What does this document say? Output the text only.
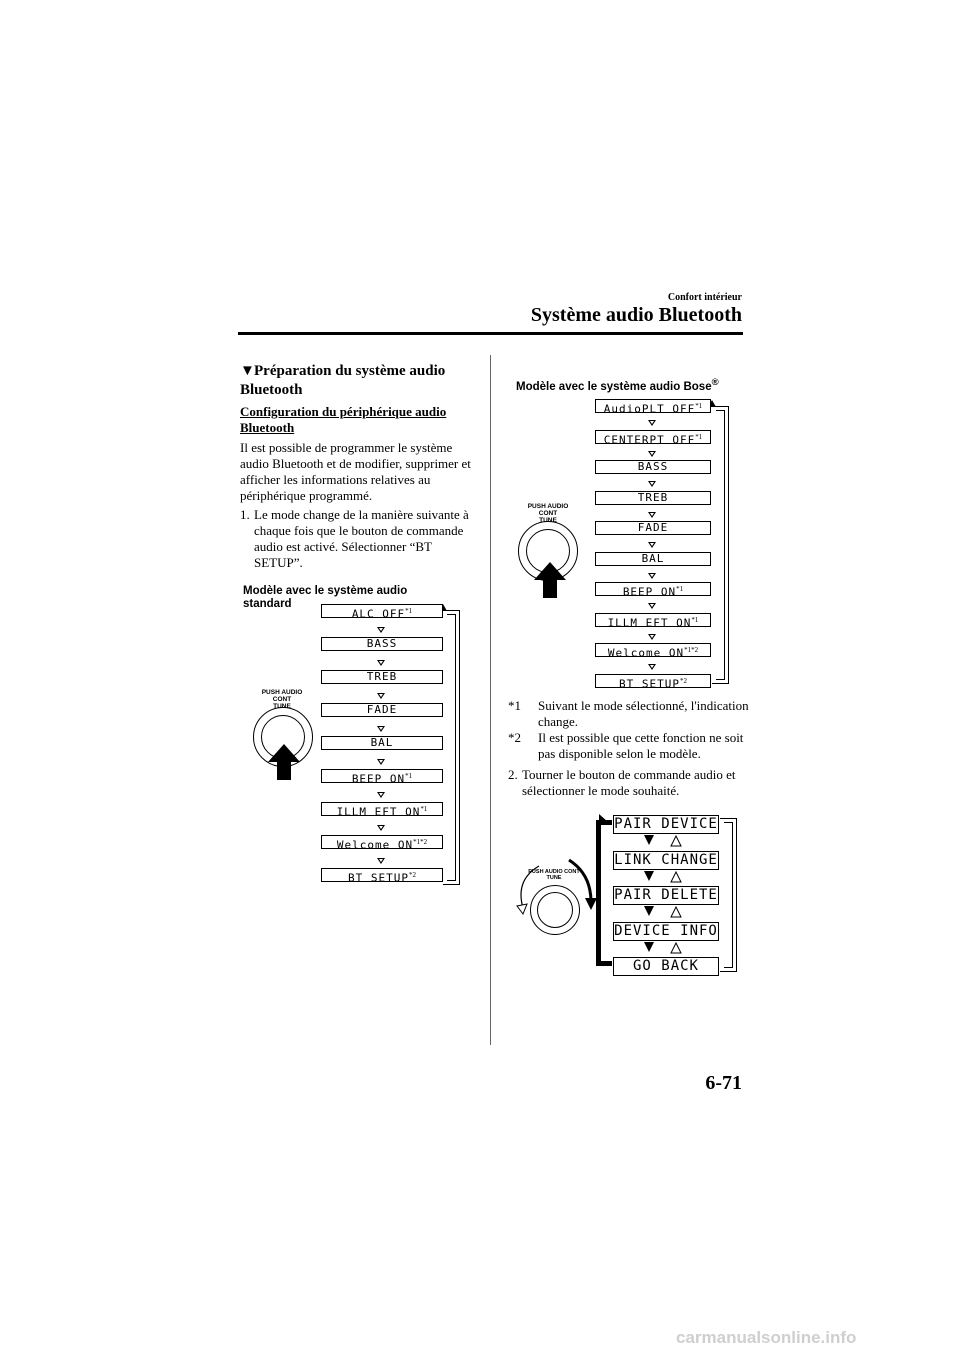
Confort intérieur
Système audio Bluetooth
▼Préparation du système audio Bluetooth
Configuration du périphérique audio Bluetooth
Il est possible de programmer le système audio Bluetooth et de modifier, supprimer et afficher les informations relatives au périphérique programmé.
1. Le mode change de la manière suivante à chaque fois que le bouton de commande audio est activé. Sélectionner “BT SETUP”.
Modèle avec le système audio standard
PUSH AUDIO CONT
TUNE
ALC OFF$^{*1}$
BASS
TREB
FADE
BAL
BEEP ON$^{*1}$
ILLM EFT ON$^{*1}$
Welcome $ON^{*1*2}$
BT SETUP$^{*2}$
Modèle avec le système audio Bose®
PUSH AUDIO CONT
TUNE
AudioPLT OFF$^{*1}$
CENTERPT OFF$^{*1}$
BASS
TREB
FADE
BAL
BEEP ON$^{*1}$
ILLM EFT ON$^{*1}$
Welcome $ON^{*1*2}$
BT SETUP$^{*2}$
*1 Suivant le mode sélectionné, l'indication change.
*2 Il est possible que cette fonction ne soit pas disponible selon le modèle.
2. Tourner le bouton de commande audio et sélectionner le mode souhaité.
PUSH AUDIO CONT
TUNE
PAIR DEVICE
LINK CHANGE
PAIR DELETE
DEVICE INFO
GO BACK
6-71
carmanualsonline.info
